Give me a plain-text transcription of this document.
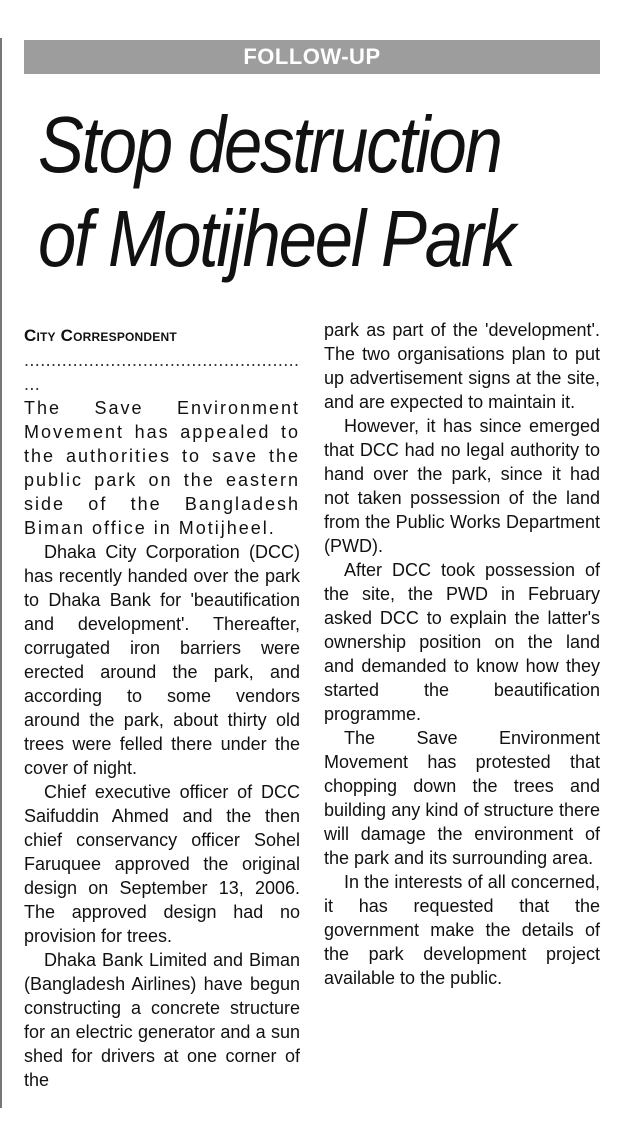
FOLLOW-UP
Stop destruction of Motijheel Park
City Correspondent
......................................................

The Save Environment Movement has appealed to the authorities to save the public park on the eastern side of the Bangladesh Biman office in Motijheel.

Dhaka City Corporation (DCC) has recently handed over the park to Dhaka Bank for 'beautification and development'. Thereafter, corrugated iron barriers were erected around the park, and according to some vendors around the park, about thirty old trees were felled there under the cover of night.

Chief executive officer of DCC Saifuddin Ahmed and the then chief conservancy officer Sohel Faruquee approved the original design on September 13, 2006. The approved design had no provision for trees.

Dhaka Bank Limited and Biman (Bangladesh Airlines) have begun constructing a concrete structure for an electric generator and a sun shed for drivers at one corner of the

park as part of the 'development'. The two organisations plan to put up advertisement signs at the site, and are expected to maintain it.

However, it has since emerged that DCC had no legal authority to hand over the park, since it had not taken possession of the land from the Public Works Department (PWD).

After DCC took possession of the site, the PWD in February asked DCC to explain the latter's ownership position on the land and demanded to know how they started the beautification programme.

The Save Environment Movement has protested that chopping down the trees and building any kind of structure there will damage the environment of the park and its surrounding area.

In the interests of all concerned, it has requested that the government make the details of the park development project available to the public.
